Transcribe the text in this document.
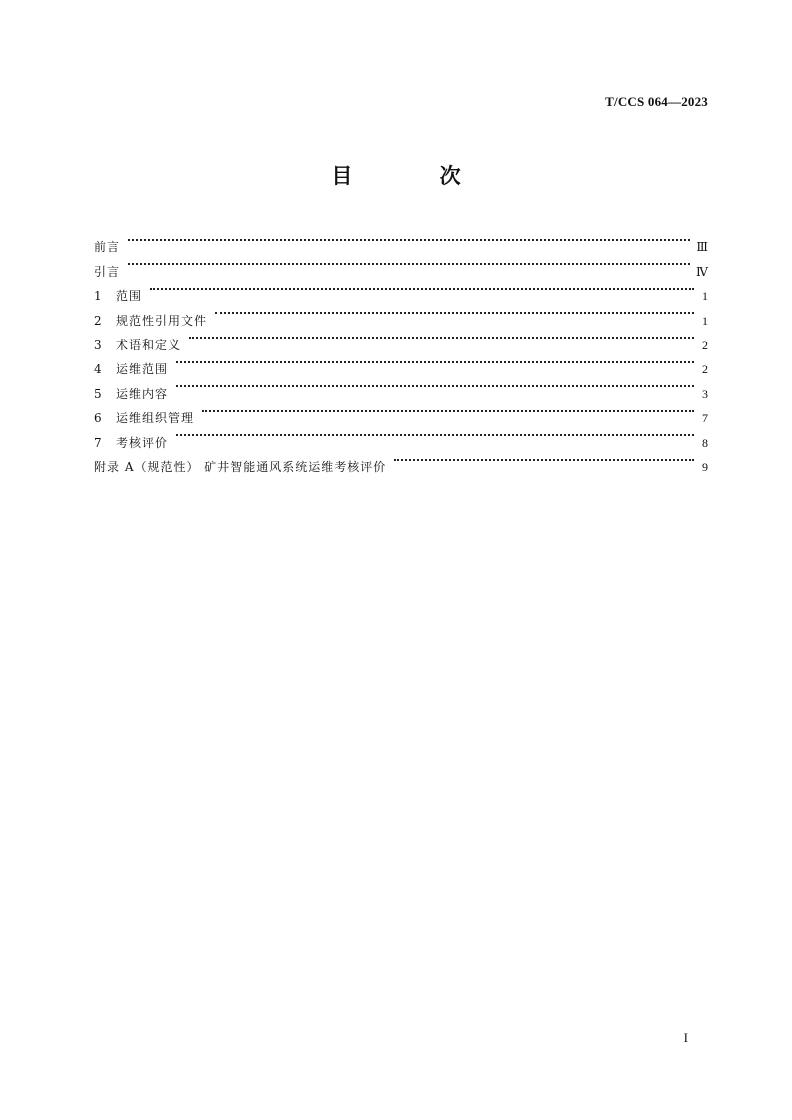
T/CCS 064—2023
目 次
前言	Ⅲ
引言	Ⅳ
1	范围	1
2	规范性引用文件	1
3	术语和定义	2
4	运维范围	2
5	运维内容	3
6	运维组织管理	7
7	考核评价	8
附录 A（规范性） 矿井智能通风系统运维考核评价	9
I
